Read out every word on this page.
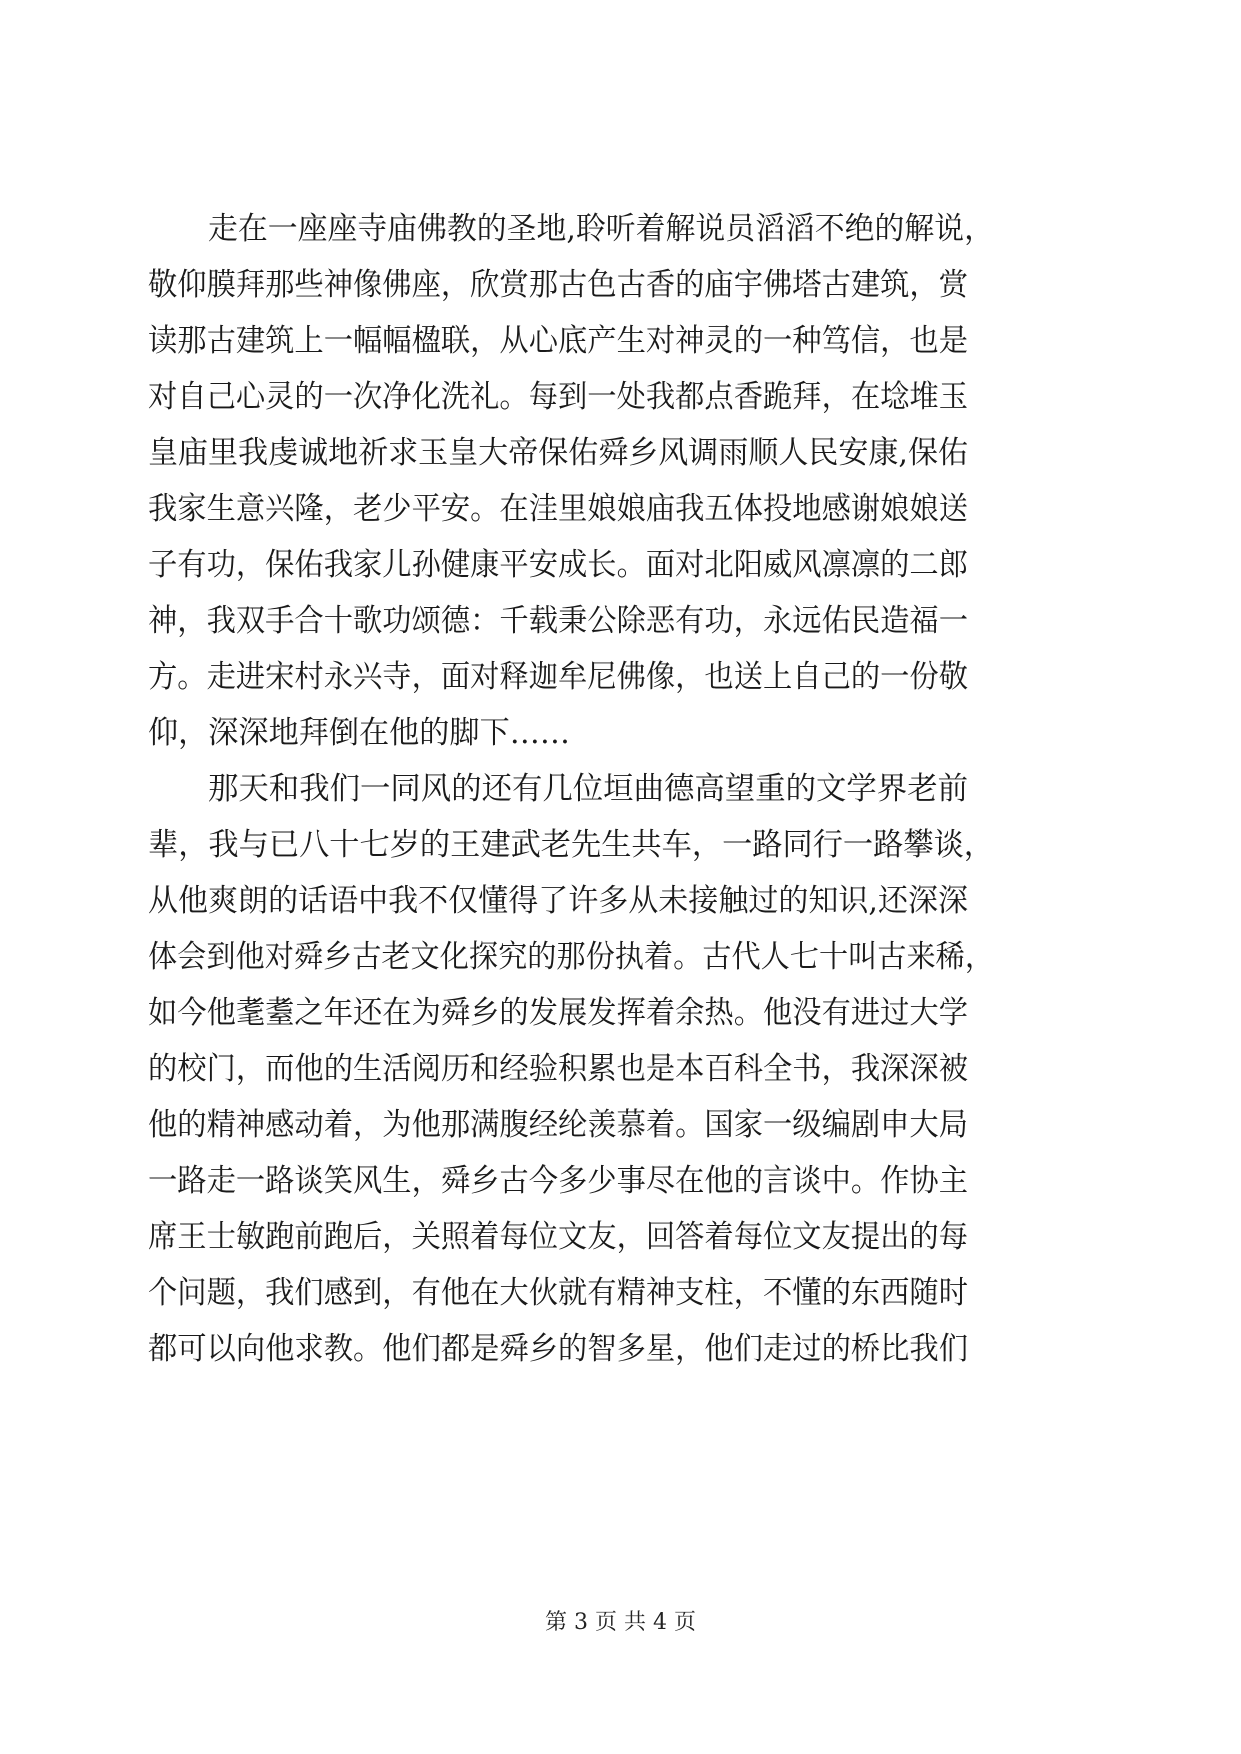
走在一座座寺庙佛教的圣地,聆听着解说员滔滔不绝的解说，
敬仰膜拜那些神像佛座，欣赏那古色古香的庙宇佛塔古建筑，赏
读那古建筑上一幅幅楹联，从心底产生对神灵的一种笃信，也是
对自己心灵的一次净化洗礼。每到一处我都点香跪拜，在埝堆玉
皇庙里我虔诚地祈求玉皇大帝保佑舜乡风调雨顺人民安康,保佑
我家生意兴隆，老少平安。在洼里娘娘庙我五体投地感谢娘娘送
子有功，保佑我家儿孙健康平安成长。面对北阳威风凛凛的二郎
神，我双手合十歌功颂德：千载秉公除恶有功，永远佑民造福一
方。走进宋村永兴寺，面对释迦牟尼佛像，也送上自己的一份敬
仰，深深地拜倒在他的脚下……
那天和我们一同风的还有几位垣曲德高望重的文学界老前
辈，我与已八十七岁的王建武老先生共车，一路同行一路攀谈，
从他爽朗的话语中我不仅懂得了许多从未接触过的知识,还深深
体会到他对舜乡古老文化探究的那份执着。古代人七十叫古来稀，
如今他耄耋之年还在为舜乡的发展发挥着余热。他没有进过大学
的校门，而他的生活阅历和经验积累也是本百科全书，我深深被
他的精神感动着，为他那满腹经纶羡慕着。国家一级编剧申大局
一路走一路谈笑风生，舜乡古今多少事尽在他的言谈中。作协主
席王士敏跑前跑后，关照着每位文友，回答着每位文友提出的每
个问题，我们感到，有他在大伙就有精神支柱，不懂的东西随时
都可以向他求教。他们都是舜乡的智多星，他们走过的桥比我们
第 3 页 共 4 页
